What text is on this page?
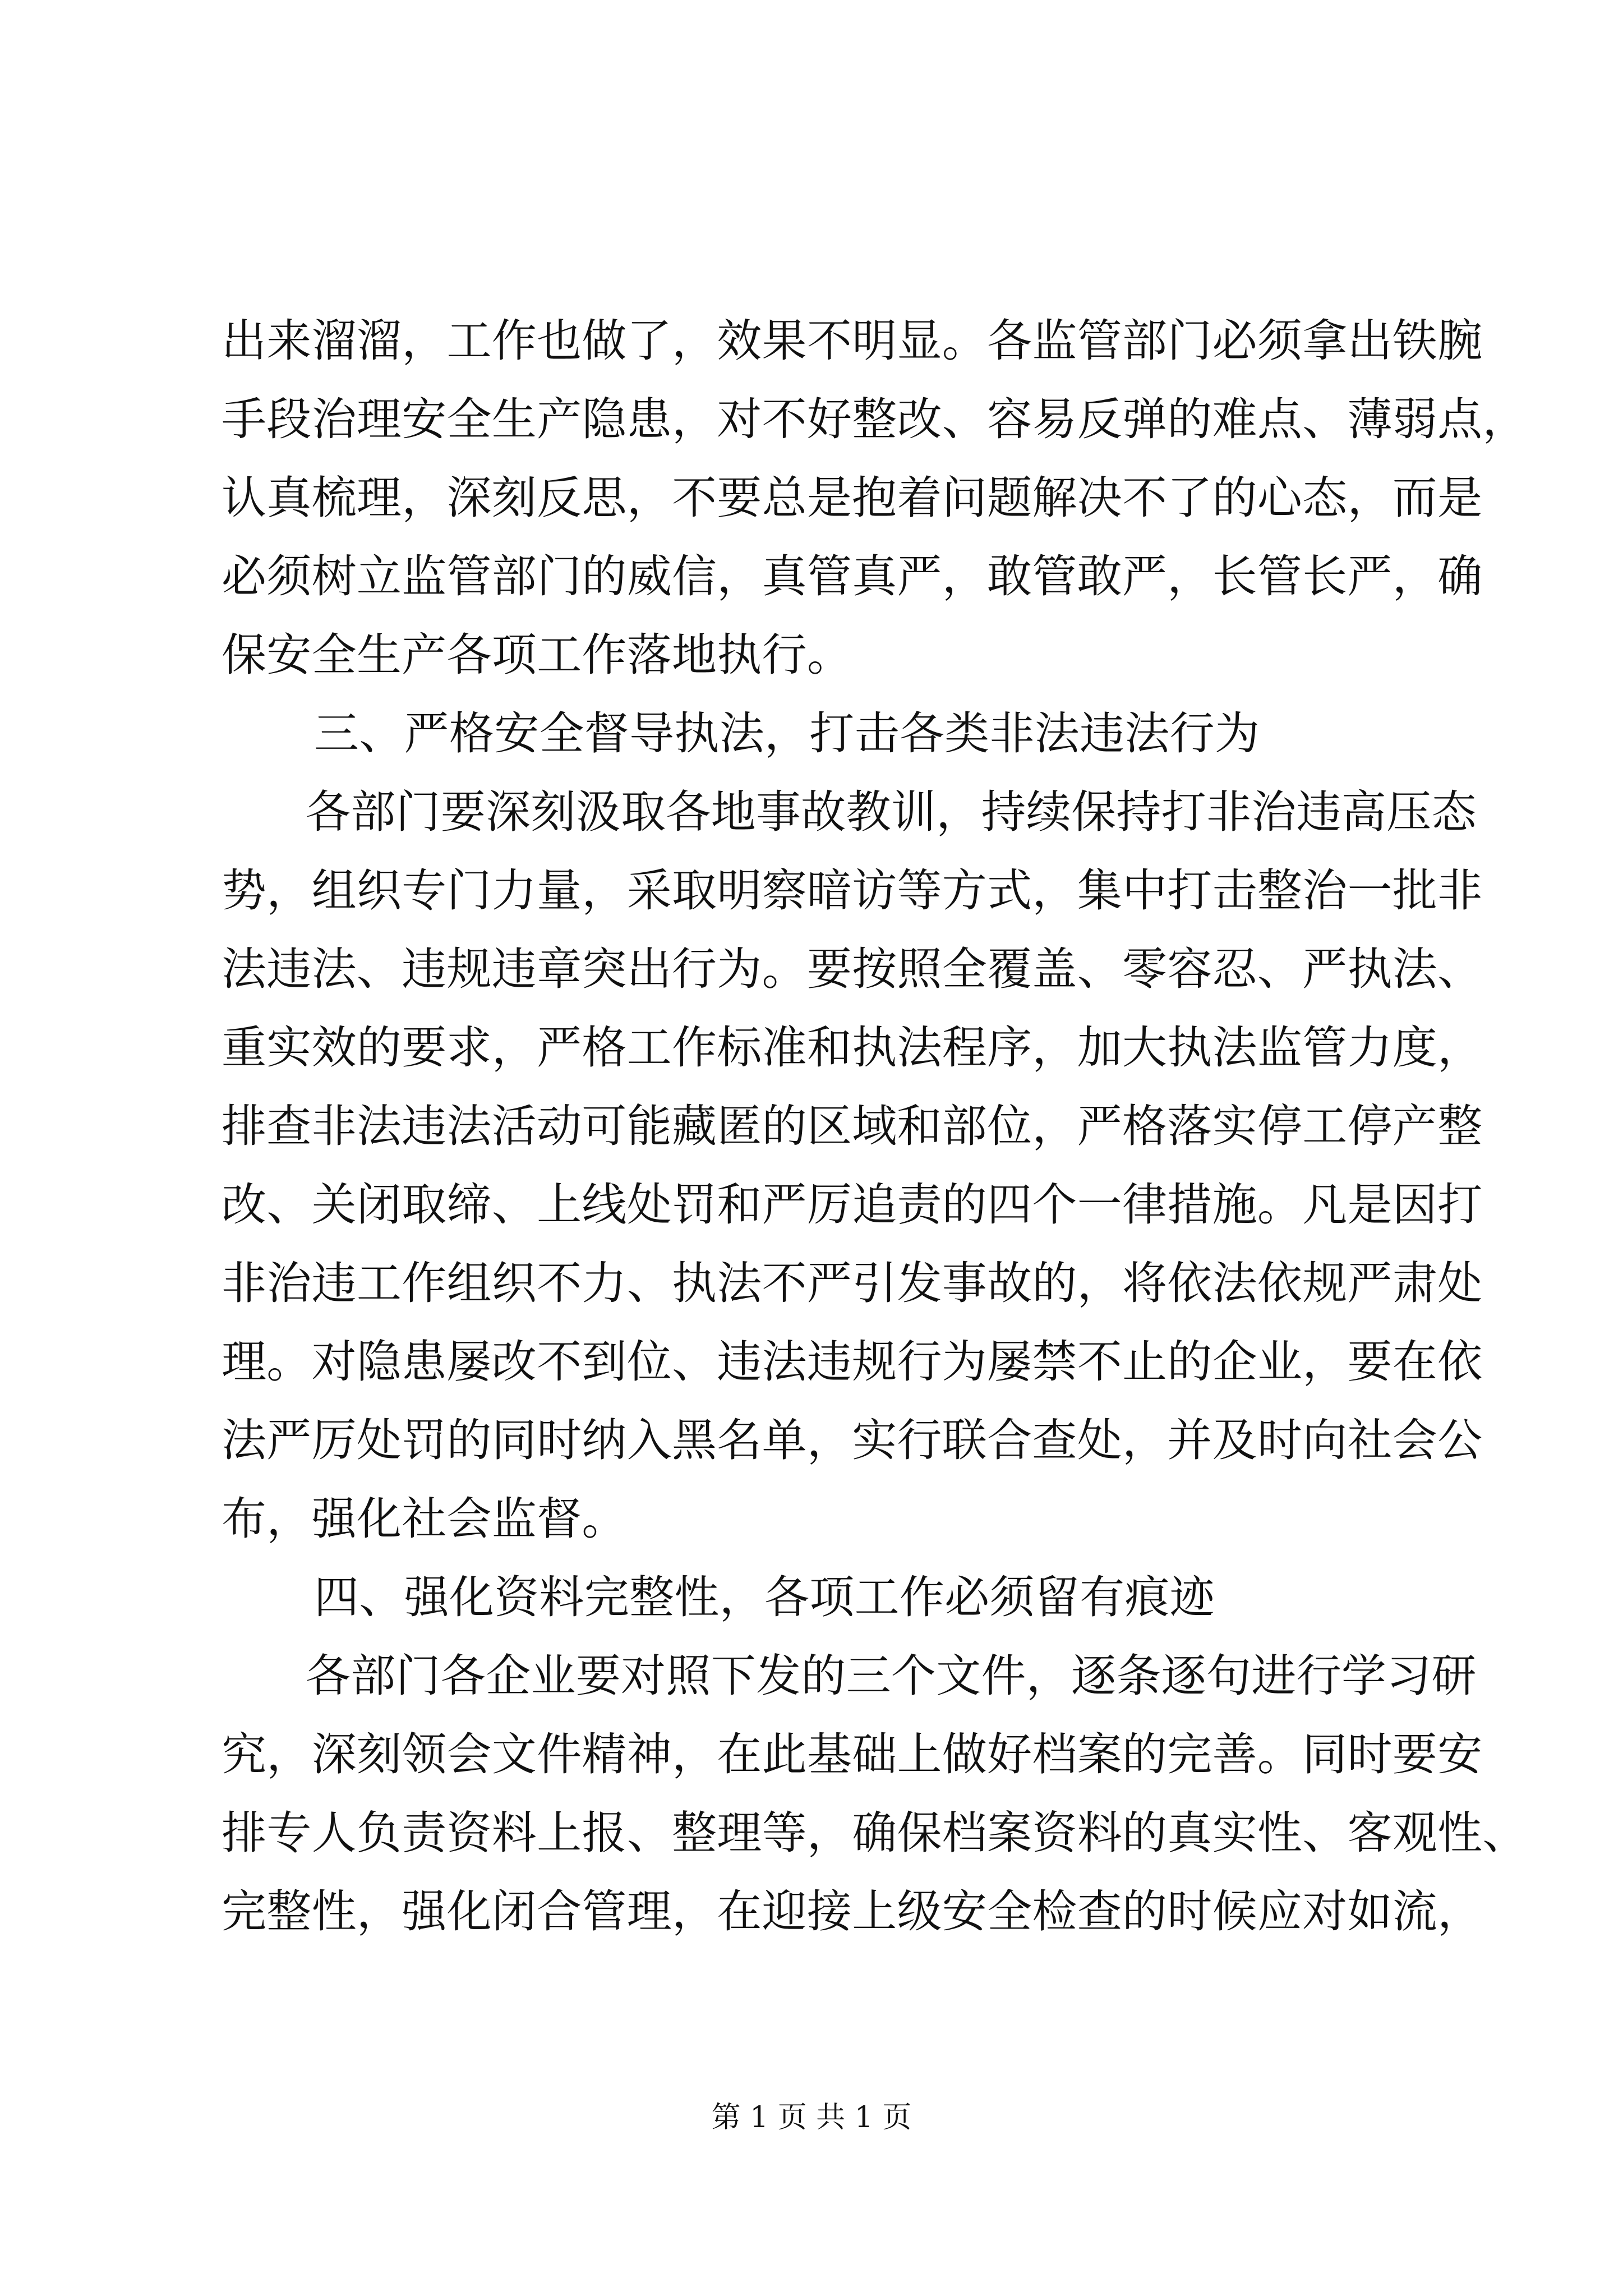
出来溜溜，工作也做了，效果不明显。各监管部门必须拿出铁腕
手段治理安全生产隐患，对不好整改、容易反弹的难点、薄弱点，
认真梳理，深刻反思，不要总是抱着问题解决不了的心态，而是
必须树立监管部门的威信，真管真严，敢管敢严，长管长严，确
保安全生产各项工作落地执行。
三、严格安全督导执法，打击各类非法违法行为
各部门要深刻汲取各地事故教训，持续保持打非治违高压态
势，组织专门力量，采取明察暗访等方式，集中打击整治一批非
法违法、违规违章突出行为。要按照全覆盖、零容忍、严执法、
重实效的要求，严格工作标准和执法程序，加大执法监管力度，
排查非法违法活动可能藏匿的区域和部位，严格落实停工停产整
改、关闭取缔、上线处罚和严厉追责的四个一律措施。凡是因打
非治违工作组织不力、执法不严引发事故的，将依法依规严肃处
理。对隐患屡改不到位、违法违规行为屡禁不止的企业，要在依
法严厉处罚的同时纳入黑名单，实行联合查处，并及时向社会公
布，强化社会监督。
四、强化资料完整性，各项工作必须留有痕迹
各部门各企业要对照下发的三个文件，逐条逐句进行学习研
究，深刻领会文件精神，在此基础上做好档案的完善。同时要安
排专人负责资料上报、整理等，确保档案资料的真实性、客观性、
完整性，强化闭合管理，在迎接上级安全检查的时候应对如流，
第 1 页 共 1 页
